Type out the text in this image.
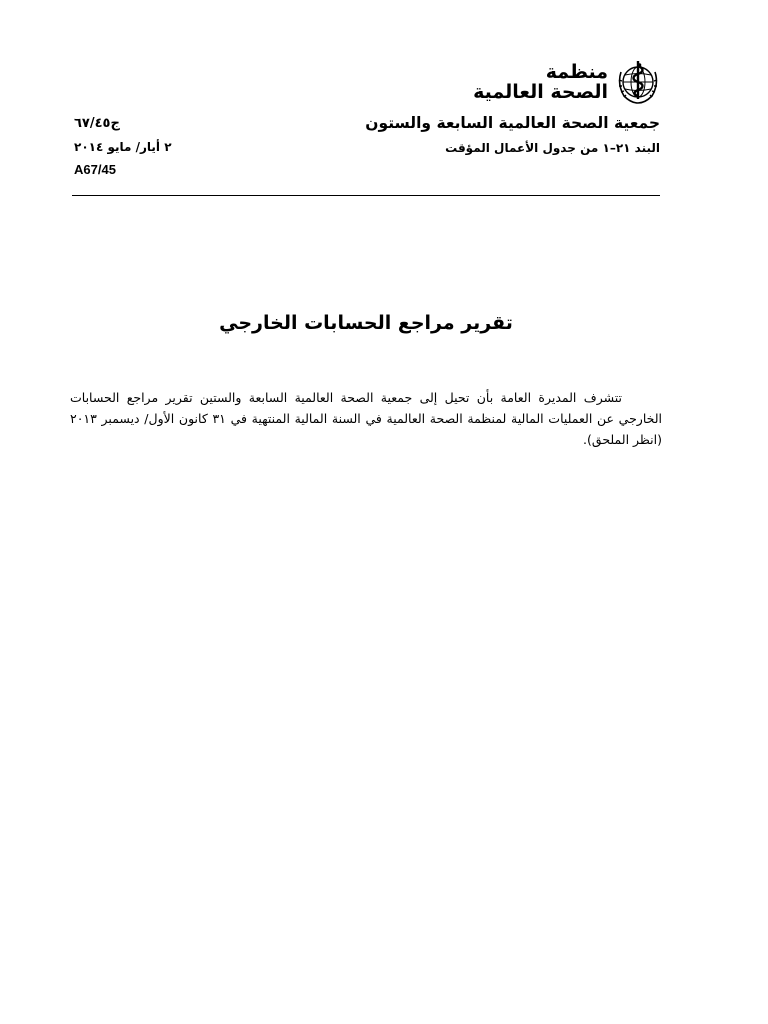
منظمة
الصحة العالمية
جمعية الصحة العالمية السابعة والستون
البند ٢١–١ من جدول الأعمال المؤقت
ج٦٧/٤٥
٢ أيار/ مايو ٢٠١٤
A67/45
تقرير مراجع الحسابات الخارجي

تتشرف المديرة العامة بأن تحيل إلى جمعية الصحة العالمية السابعة والستين تقرير مراجع الحسابات الخارجي عن العمليات المالية لمنظمة الصحة العالمية في السنة المالية المنتهية في ٣١ كانون الأول/ ديسمبر ٢٠١٣ (انظر الملحق).
